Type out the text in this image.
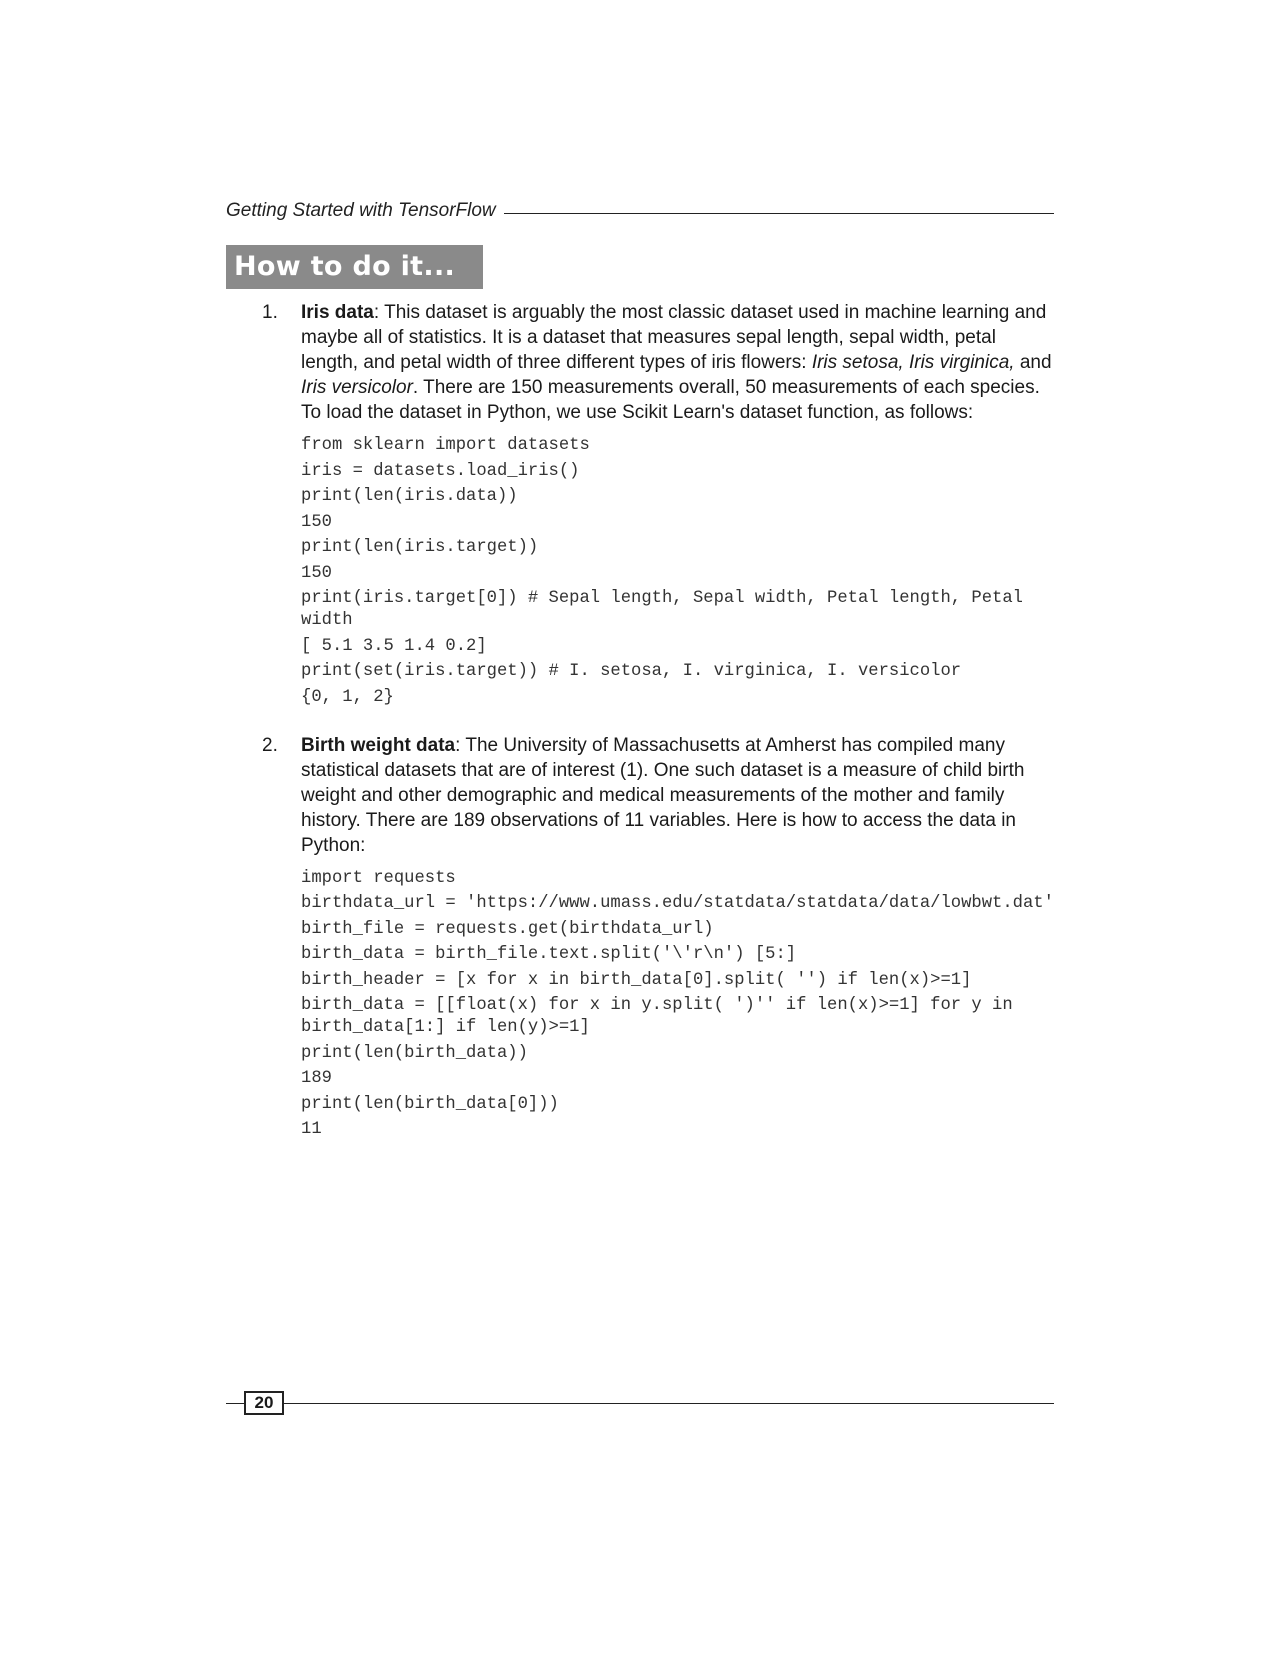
Getting Started with TensorFlow
How to do it...
1. Iris data: This dataset is arguably the most classic dataset used in machine learning and maybe all of statistics. It is a dataset that measures sepal length, sepal width, petal length, and petal width of three different types of iris flowers: Iris setosa, Iris virginica, and Iris versicolor. There are 150 measurements overall, 50 measurements of each species. To load the dataset in Python, we use Scikit Learn's dataset function, as follows:

from sklearn import datasets
iris = datasets.load_iris()
print(len(iris.data))
150
print(len(iris.target))
150
print(iris.target[0]) # Sepal length, Sepal width, Petal length, Petal width
[ 5.1 3.5 1.4 0.2]
print(set(iris.target)) # I. setosa, I. virginica, I. versicolor
{0, 1, 2}
2. Birth weight data: The University of Massachusetts at Amherst has compiled many statistical datasets that are of interest (1). One such dataset is a measure of child birth weight and other demographic and medical measurements of the mother and family history. There are 189 observations of 11 variables. Here is how to access the data in Python:

import requests
birthdata_url = 'https://www.umass.edu/statdata/statdata/data/lowbwt.dat'
birth_file = requests.get(birthdata_url)
birth_data = birth_file.text.split('\'r\n') [5:]
birth_header = [x for x in birth_data[0].split( '') if len(x)>=1]
birth_data = [[float(x) for x in y.split( ')'' if len(x)>=1] for y in birth_data[1:] if len(y)>=1]
print(len(birth_data))
189
print(len(birth_data[0]))
11
20
